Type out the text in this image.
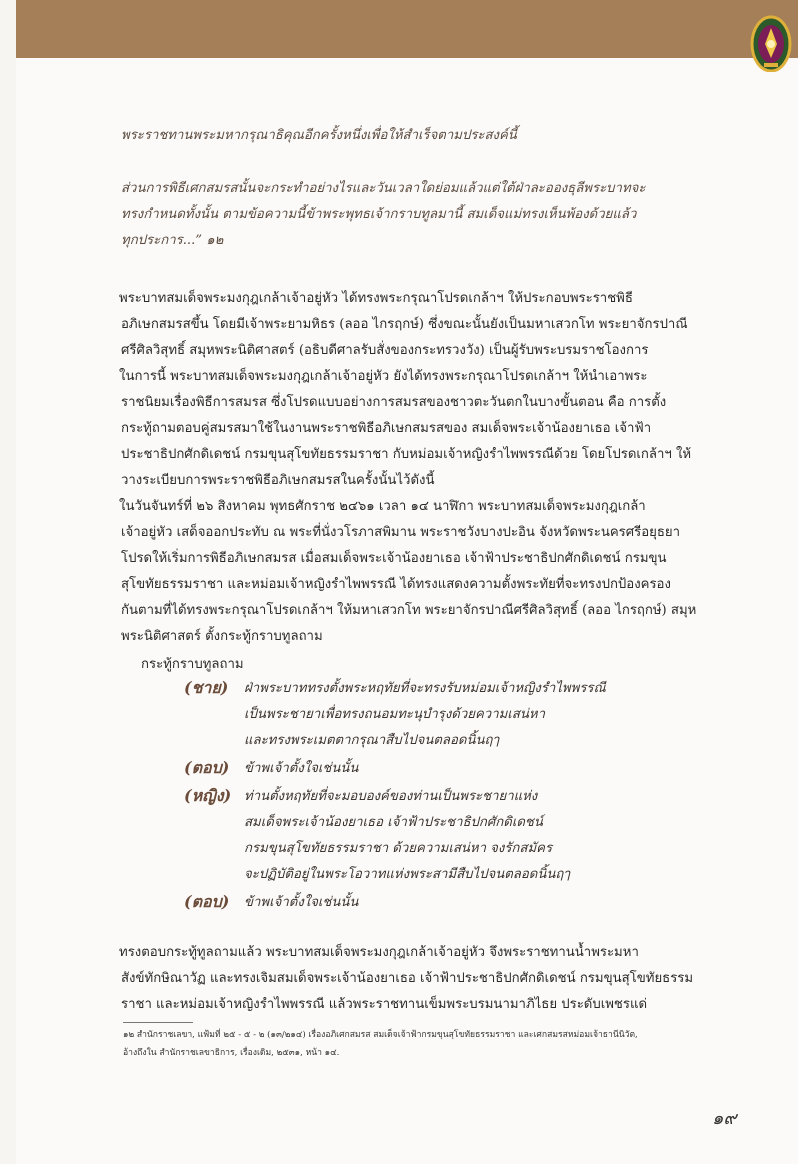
พระราชทานพระมหากรุณาธิคุณอีกครั้งหนึ่งเพื่อให้สำเร็จตามประสงค์นี้

ส่วนการพิธีเศกสมรสนั้นจะกระทำอย่างไรและวันเวลาใดย่อมแล้วแต่ใต้ฝ่าละอองธุลีพระบาทจะ

ทรงกำหนดทั้งนั้น ตามข้อความนี้ข้าพระพุทธเจ้ากราบทูลมานี้ สมเด็จแม่ทรงเห็นพ้องด้วยแล้ว

ทุกประการ...” ๑๒

พระบาทสมเด็จพระมงกุฎเกล้าเจ้าอยู่หัว ได้ทรงพระกรุณาโปรดเกล้าฯ ให้ประกอบพระราชพิธี

อภิเษกสมรสขึ้น โดยมีเจ้าพระยามหิธร (ลออ ไกรฤกษ์) ซึ่งขณะนั้นยังเป็นมหาเสวกโท พระยาจักรปาณี

ศรีศิลวิสุทธิ์ สมุหพระนิติศาสตร์ (อธิบดีศาลรับสั่งของกระทรวงวัง) เป็นผู้รับพระบรมราชโองการ

ในการนี้ พระบาทสมเด็จพระมงกุฎเกล้าเจ้าอยู่หัว ยังได้ทรงพระกรุณาโปรดเกล้าฯ ให้นำเอาพระ

ราชนิยมเรื่องพิธีการสมรส ซึ่งโปรดแบบอย่างการสมรสของชาวตะวันตกในบางขั้นตอน คือ การตั้ง

กระทู้ถามตอบคู่สมรสมาใช้ในงานพระราชพิธีอภิเษกสมรสของ สมเด็จพระเจ้าน้องยาเธอ เจ้าฟ้า

ประชาธิปกศักดิเดชน์ กรมขุนสุโขทัยธรรมราชา กับหม่อมเจ้าหญิงรำไพพรรณีด้วย โดยโปรดเกล้าฯ ให้

วางระเบียบการพระราชพิธีอภิเษกสมรสในครั้งนั้นไว้ดังนี้

ในวันจันทร์ที่ ๒๖ สิงหาคม พุทธศักราช ๒๔๖๑ เวลา ๑๔ นาฬิกา พระบาทสมเด็จพระมงกุฎเกล้า

เจ้าอยู่หัว เสด็จออกประทับ ณ พระที่นั่งวโรภาสพิมาน พระราชวังบางปะอิน จังหวัดพระนครศรีอยุธยา

โปรดให้เริ่มการพิธีอภิเษกสมรส เมื่อสมเด็จพระเจ้าน้องยาเธอ เจ้าฟ้าประชาธิปกศักดิเดชน์ กรมขุน

สุโขทัยธรรมราชา และหม่อมเจ้าหญิงรำไพพรรณี ได้ทรงแสดงความตั้งพระทัยที่จะทรงปกป้องครอง

กันตามที่ได้ทรงพระกรุณาโปรดเกล้าฯ ให้มหาเสวกโท พระยาจักรปาณีศรีศิลวิสุทธิ์ (ลออ ไกรฤกษ์) สมุห

พระนิติศาสตร์ ตั้งกระทู้กราบทูลถาม

กระทู้กราบทูลถาม

(ชาย)	ฝ่าพระบาททรงตั้งพระหฤทัยที่จะทรงรับหม่อมเจ้าหญิงรำไพพรรณี
เป็นพระชายาเพื่อทรงถนอมทะนุบำรุงด้วยความเสน่หา
และทรงพระเมตตากรุณาสืบไปจนตลอดนิ้นฤๅ
(ตอบ)	ข้าพเจ้าตั้งใจเช่นนั้น
(หญิง) ท่านตั้งหฤทัยที่จะมอบองค์ของท่านเป็นพระชายาแห่ง
สมเด็จพระเจ้าน้องยาเธอ เจ้าฟ้าประชาธิปกศักดิเดชน์
กรมขุนสุโขทัยธรรมราชา ด้วยความเสน่หา จงรักสมัคร
จะปฏิบัติอยู่ในพระโอวาทแห่งพระสามีสืบไปจนตลอดนิ้นฤๅ
(ตอบ)	ข้าพเจ้าตั้งใจเช่นนั้น

ทรงตอบกระทู้ทูลถามแล้ว พระบาทสมเด็จพระมงกุฎเกล้าเจ้าอยู่หัว จึงพระราชทานน้ำพระมหา

สังข์ทักษิณาวัฏ และทรงเจิมสมเด็จพระเจ้าน้องยาเธอ เจ้าฟ้าประชาธิปกศักดิเดชน์ กรมขุนสุโขทัยธรรม

ราชา และหม่อมเจ้าหญิงรำไพพรรณี แล้วพระราชทานเข็มพระบรมนามาภิไธย ประดับเพชรแด่

๑๒ สำนักราชเลขา, แฟ้มที่ ๒๕ - ๕ - ๒ (๑๓/๒๑๔) เรื่องอภิเศกสมรส สมเด็จเจ้าฟ้ากรมขุนสุโขทัยธรรมราชา และเศกสมรสหม่อมเจ้าธานีนิวัต,
อ้างถึงใน สำนักราชเลขาธิการ, เรื่องเดิม, ๒๕๓๑, หน้า ๑๔.
๑๙
